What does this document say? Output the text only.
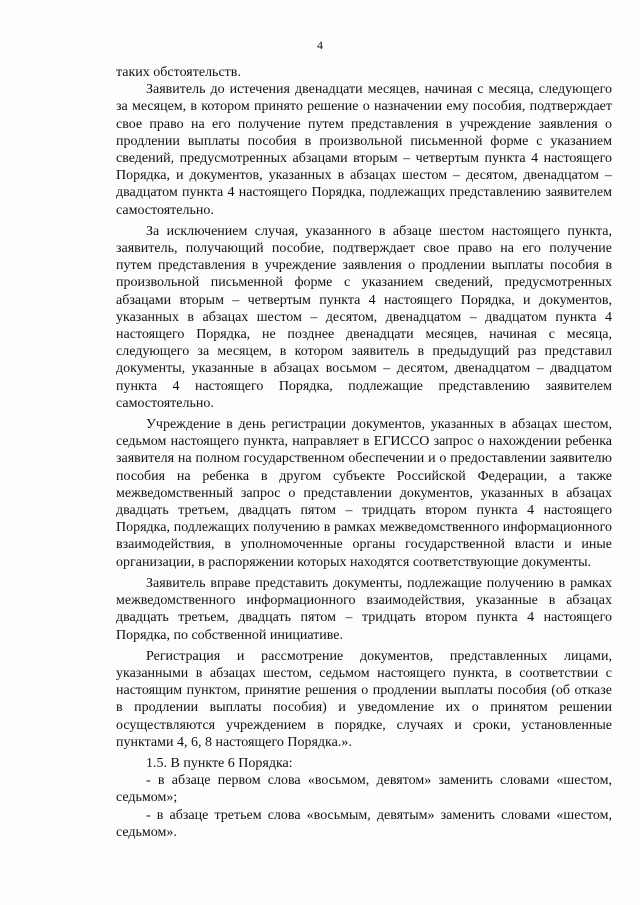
4

таких обстоятельств.

Заявитель до истечения двенадцати месяцев, начиная с месяца, следующего за месяцем, в котором принято решение о назначении ему пособия, подтверждает свое право на его получение путем представления в учреждение заявления о продлении выплаты пособия в произвольной письменной форме с указанием сведений, предусмотренных абзацами вторым – четвертым пункта 4 настоящего Порядка, и документов, указанных в абзацах шестом – десятом, двенадцатом – двадцатом пункта 4 настоящего Порядка, подлежащих представлению заявителем самостоятельно.

За исключением случая, указанного в абзаце шестом настоящего пункта, заявитель, получающий пособие, подтверждает свое право на его получение путем представления в учреждение заявления о продлении выплаты пособия в произвольной письменной форме с указанием сведений, предусмотренных абзацами вторым – четвертым пункта 4 настоящего Порядка, и документов, указанных в абзацах шестом – десятом, двенадцатом – двадцатом пункта 4 настоящего Порядка, не позднее двенадцати месяцев, начиная с месяца, следующего за месяцем, в котором заявитель в предыдущий раз представил документы, указанные в абзацах восьмом – десятом, двенадцатом – двадцатом пункта 4 настоящего Порядка, подлежащие представлению заявителем самостоятельно.

Учреждение в день регистрации документов, указанных в абзацах шестом, седьмом настоящего пункта, направляет в ЕГИССО запрос о нахождении ребенка заявителя на полном государственном обеспечении и о предоставлении заявителю пособия на ребенка в другом субъекте Российской Федерации, а также межведомственный запрос о представлении документов, указанных в абзацах двадцать третьем, двадцать пятом – тридцать втором пункта 4 настоящего Порядка, подлежащих получению в рамках межведомственного информационного взаимодействия, в уполномоченные органы государственной власти и иные организации, в распоряжении которых находятся соответствующие документы.

Заявитель вправе представить документы, подлежащие получению в рамках межведомственного информационного взаимодействия, указанные в абзацах двадцать третьем, двадцать пятом – тридцать втором пункта 4 настоящего Порядка, по собственной инициативе.

Регистрация и рассмотрение документов, представленных лицами, указанными в абзацах шестом, седьмом настоящего пункта, в соответствии с настоящим пунктом, принятие решения о продлении выплаты пособия (об отказе в продлении выплаты пособия) и уведомление их о принятом решении осуществляются учреждением в порядке, случаях и сроки, установленные пунктами 4, 6, 8 настоящего Порядка.».

1.5. В пункте 6 Порядка:

- в абзаце первом слова «восьмом, девятом» заменить словами «шестом, седьмом»;

- в абзаце третьем слова «восьмым, девятым» заменить словами «шестом, седьмом».
